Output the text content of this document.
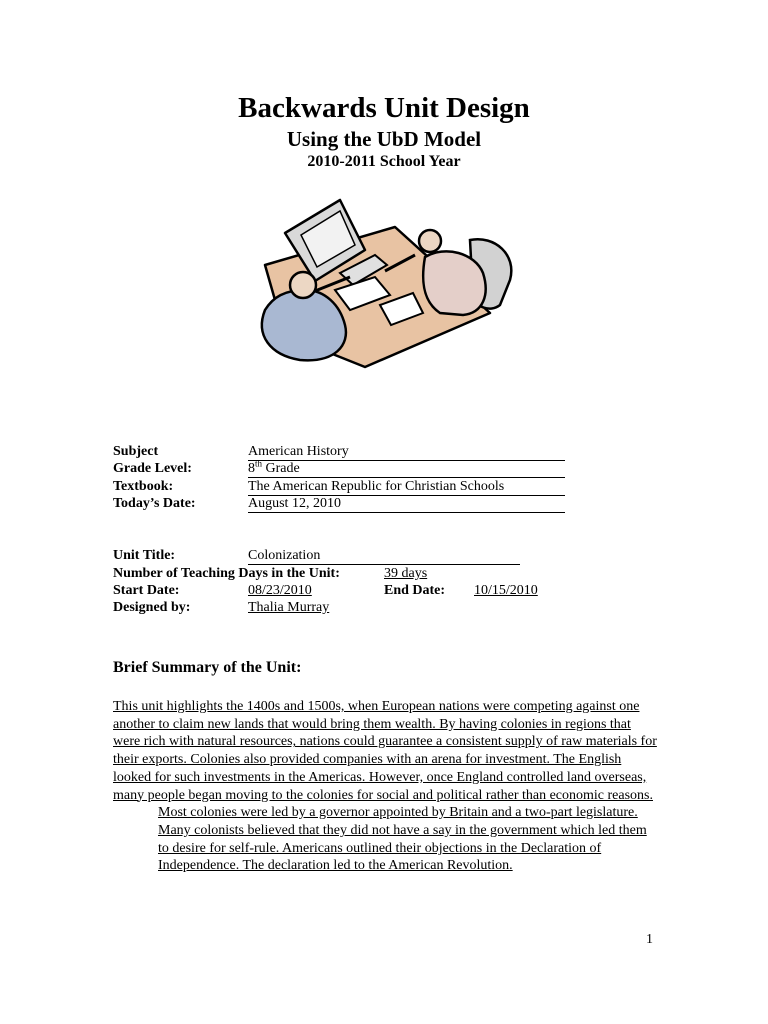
Backwards Unit Design
Using the UbD Model
2010-2011 School Year
Subject	American History
Grade Level:	8th Grade
Textbook:	The American Republic for Christian Schools
Today’s Date:	August 12, 2010
Unit Title:	Colonization
Number of Teaching Days in the Unit:	39 days
Start Date:	08/23/2010	End Date: 10/15/2010
Designed by:	Thalia Murray
Brief Summary of the Unit:

This unit highlights the 1400s and 1500s, when European nations were competing against one another to claim new lands that would bring them wealth. By having colonies in regions that were rich with natural resources, nations could guarantee a consistent supply of raw materials for their exports. Colonies also provided companies with an arena for investment. The English looked for such investments in the Americas. However, once England controlled land overseas, many people began moving to the colonies for social and political rather than economic reasons.

Most colonies were led by a governor appointed by Britain and a two-part legislature. Many colonists believed that they did not have a say in the government which led them to desire for self-rule. Americans outlined their objections in the Declaration of Independence. The declaration led to the American Revolution.

1
